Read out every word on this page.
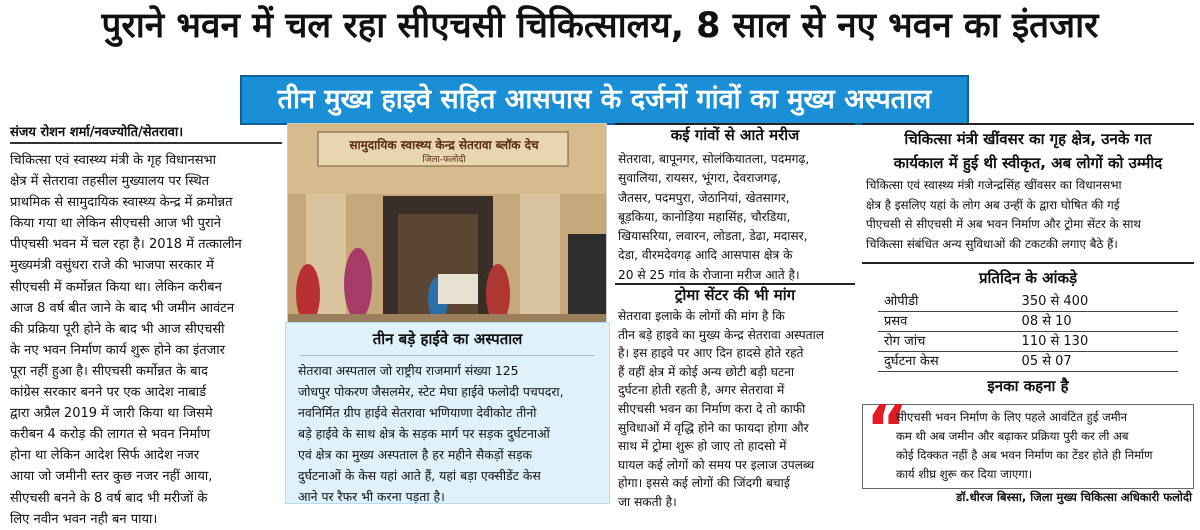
पुराने भवन में चल रहा सीएचसी चिकित्सालय, 8 साल से नए भवन का इंतजार
तीन मुख्य हाइवे सहित आसपास के दर्जनों गांवों का मुख्य अस्पताल
संजय रोशन शर्मा/नवज्योति/सेतरावा।
चिकित्सा एवं स्वास्थ्य मंत्री के गृह विधानसभा
क्षेत्र में सेतरावा तहसील मुख्यालय पर स्थित
प्राथमिक से सामुदायिक स्वास्थ्य केन्द्र में क्रमोन्नत
किया गया था लेकिन सीएचसी आज भी पुराने
पीएचसी भवन में चल रहा है। 2018 में तत्कालीन
मुख्यमंत्री वसुंधरा राजे की भाजपा सरकार में
सीएचसी में कर्मोन्नत किया था। लेकिन करीबन
आज 8 वर्ष बीत जाने के बाद भी जमीन आवंटन
की प्रक्रिया पूरी होने के बाद भी आज सीएचसी
के नए भवन निर्माण कार्य शुरू होने का इंतजार
पूरा नहीं हुआ है। सीएचसी कर्मोन्नत के बाद
कांग्रेस सरकार बनने पर एक आदेश नाबार्ड
द्वारा अप्रैल 2019 में जारी किया था जिसमे
करीबन 4 करोड़ की लागत से भवन निर्माण
होना था लेकिन आदेश सिर्फ आदेश नजर
आया जो जमीनी स्तर कुछ नजर नहीं आया,
सीएचसी बनने के 8 वर्ष बाद भी मरीजों के
लिए नवीन भवन नही बन पाया।
सामुदायिक स्वास्थ्य केन्द्र सेतरावा ब्लॉक देच
जिला-फलोदी
तीन बड़े हाईवे का अस्पताल
सेतरावा अस्पताल जो राष्ट्रीय राजमार्ग संख्या 125
जोधपुर पोकरण जैसलमेर, स्टेट मेघा हाईवे फलोदी पचपदरा,
नवनिर्मित ग्रीप हाईवे सेतरावा भणियाणा देवीकोट तीनो
बड़े हाईवे के साथ क्षेत्र के सड़क मार्ग पर सड़क दुर्घटनाओं
एवं क्षेत्र का मुख्य अस्पताल है हर महीने सैकड़ों सड़क
दुर्घटनाओं के केस यहां आते हैं, यहां बड़ा एक्सीडेंट केस
आने पर रैफर भी करना पड़ता है।
कई गांवों से आते मरीज
सेतरावा, बापूनगर, सोलंकियातला, पदमगढ़,
सुवालिया, रायसर, भूंगरा, देवराजगढ़,
जैतसर, पदमपुरा, जेठानियां, खेतसागर,
बूड़किया, कानोड़िया महासिंह, चौरडिया,
खियासरिया, लवारन, लोडता, डेढा, मदासर,
देडा, वीरमदेवगढ़ आदि आसपास क्षेत्र के
20 से 25 गांव के रोजाना मरीज आते है।
ट्रोमा सेंटर की भी मांग
सेतरावा इलाके के लोगों की मांग है कि
तीन बड़े हाइवे का मुख्य केन्द्र सेतरावा अस्पताल
है। इस हाइवे पर आए दिन हादसे होते रहते
हैं वहीं क्षेत्र में कोई अन्य छोटी बड़ी घटना
दुर्घटना होती रहती है, अगर सेतरावा में
सीएचसी भवन का निर्माण करा दे तो काफी
सुविधाओं में वृद्धि होने का फायदा होगा और
साथ में ट्रोमा शुरू हो जाए तो हादसो में
घायल कई लोगों को समय पर इलाज उपलब्ध
होगा। इससे कई लोगों की जिंदगी बचाई
जा सकती है।
चिकित्सा मंत्री खींवसर का गृह क्षेत्र, उनके गत
कार्यकाल में हुई थी स्वीकृत, अब लोगों को उम्मीद
चिकित्सा एवं स्वास्थ्य मंत्री गजेन्द्रसिंह खींवसर का विधानसभा
क्षेत्र है इसलिए यहां के लोग अब उन्हीं के द्वारा घोषित की गई
पीएचसी से सीएचसी में अब भवन निर्माण और ट्रोमा सेंटर के साथ
चिकित्सा संबंधित अन्य सुविधाओं की टकटकी लगाए बैठे हैं।
प्रतिदिन के आंकड़े
ओपीडी	350 से 400
प्रसव	08 से 10
रोग जांच	110 से 130
दुर्घटना केस	05 से 07
इनका कहना है
“
सीएचसी भवन निर्माण के लिए पहले आवंटित हुई जमीन
कम थी अब जमीन और बढ़ाकर प्रक्रिया पुरी कर ली अब
कोई दिक्कत नहीं है अब भवन निर्माण का टेंडर होते ही निर्माण
कार्य शीघ्र शुरू कर दिया जाएगा।
डॉ.धीरज बिस्सा, जिला मुख्य चिकित्सा अधिकारी फलोदी
